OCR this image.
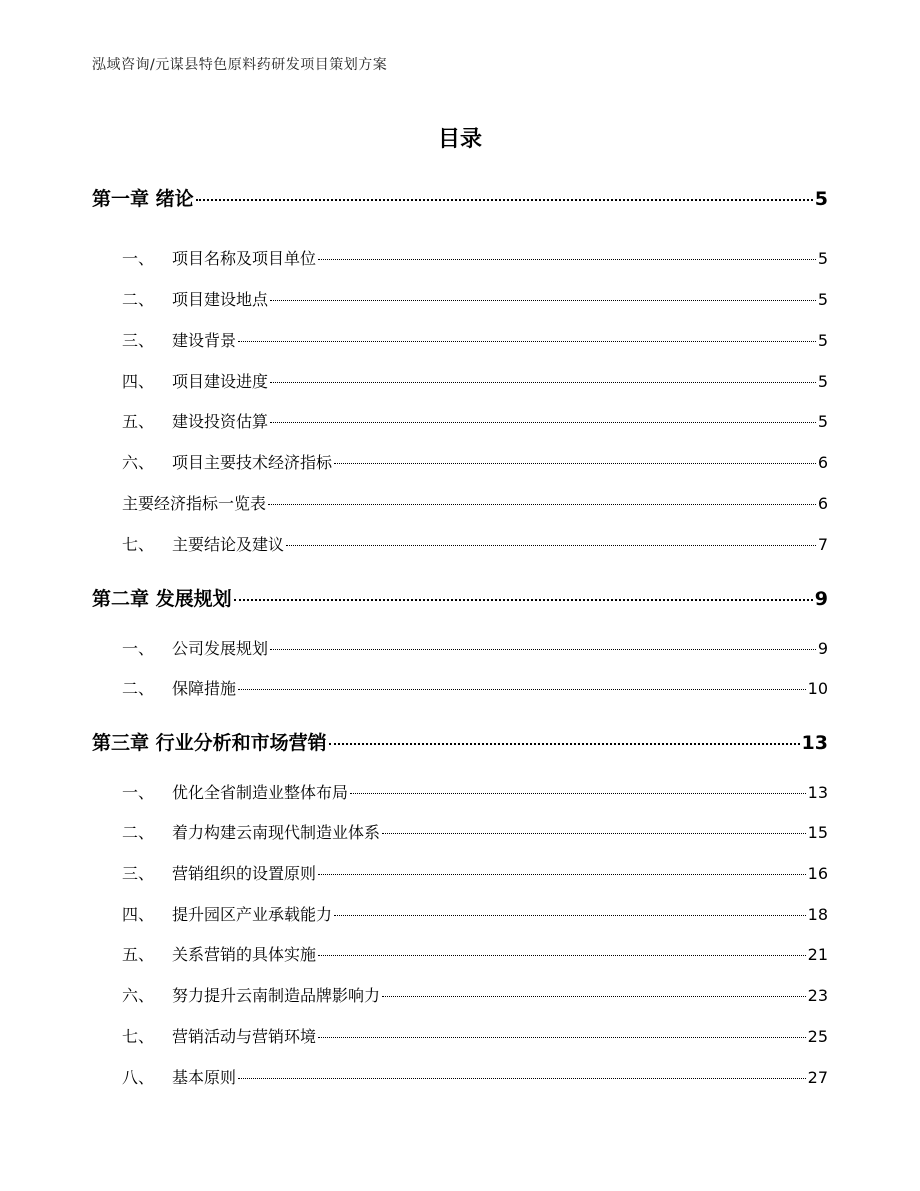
泓域咨询/元谋县特色原料药研发项目策划方案
目录
第一章 绪论	5
一、 项目名称及项目单位	5
二、 项目建设地点	5
三、 建设背景	5
四、 项目建设进度	5
五、 建设投资估算	5
六、 项目主要技术经济指标	6
主要经济指标一览表	6
七、 主要结论及建议	7
第二章 发展规划	9
一、 公司发展规划	9
二、 保障措施	10
第三章 行业分析和市场营销	13
一、 优化全省制造业整体布局	13
二、 着力构建云南现代制造业体系	15
三、 营销组织的设置原则	16
四、 提升园区产业承载能力	18
五、 关系营销的具体实施	21
六、 努力提升云南制造品牌影响力	23
七、 营销活动与营销环境	25
八、 基本原则	27
